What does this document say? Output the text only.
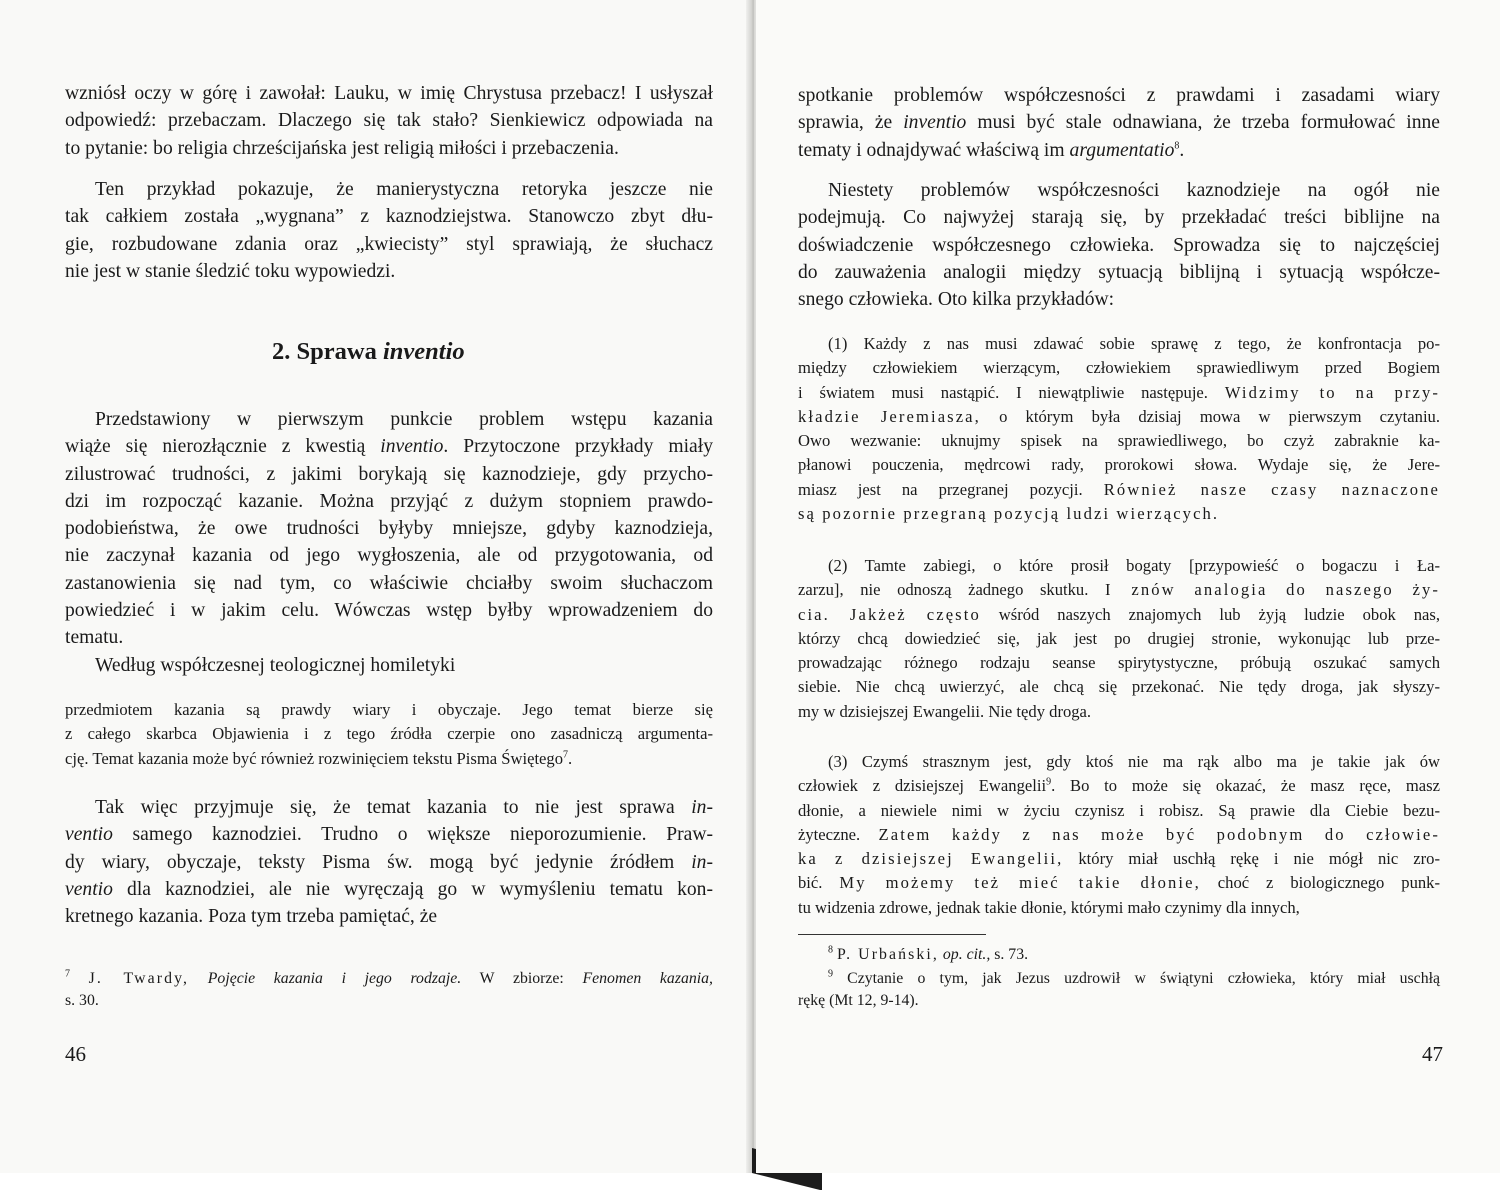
wzniósł oczy w górę i zawołał: Lauku, w imię Chrystusa przebacz! I usłyszał
odpowiedź: przebaczam. Dlaczego się tak stało? Sienkiewicz odpowiada na
to pytanie: bo religia chrześcijańska jest religią miłości i przebaczenia.

Ten przykład pokazuje, że manierystyczna retoryka jeszcze nie
tak całkiem została „wygnana” z kaznodziejstwa. Stanowczo zbyt dłu-
gie, rozbudowane zdania oraz „kwiecisty” styl sprawiają, że słuchacz
nie jest w stanie śledzić toku wypowiedzi.

2. Sprawa inventio

Przedstawiony w pierwszym punkcie problem wstępu kazania
wiąże się nierozłącznie z kwestią inventio. Przytoczone przykłady miały
zilustrować trudności, z jakimi borykają się kaznodzieje, gdy przycho-
dzi im rozpocząć kazanie. Można przyjąć z dużym stopniem prawdo-
podobieństwa, że owe trudności byłyby mniejsze, gdyby kaznodzieja,
nie zaczynał kazania od jego wygłoszenia, ale od przygotowania, od
zastanowienia się nad tym, co właściwie chciałby swoim słuchaczom
powiedzieć i w jakim celu. Wówczas wstęp byłby wprowadzeniem do
tematu.

Według współczesnej teologicznej homiletyki

przedmiotem kazania są prawdy wiary i obyczaje. Jego temat bierze się
z całego skarbca Objawienia i z tego źródła czerpie ono zasadniczą argumenta-
cję. Temat kazania może być również rozwinięciem tekstu Pisma Świętego$^7$.

Tak więc przyjmuje się, że temat kazania to nie jest sprawa in-
ventio samego kaznodziei. Trudno o większe nieporozumienie. Praw-
dy wiary, obyczaje, teksty Pisma św. mogą być jedynie źródłem in-
ventio dla kaznodziei, ale nie wyręczają go w wymyśleniu tematu kon-
kretnego kazania. Poza tym trzeba pamiętać, że

$^7$ J. Twardy, Pojęcie kazania i jego rodzaje. W zbiorze: Fenomen kazania,
s. 30.

46

spotkanie problemów współczesności z prawdami i zasadami wiary
sprawia, że inventio musi być stale odnawiana, że trzeba formułować inne
tematy i odnajdywać właściwą im argumentatio$^8$.

Niestety problemów współczesności kaznodzieje na ogół nie
podejmują. Co najwyżej starają się, by przekładać treści biblijne na
doświadczenie współczesnego człowieka. Sprowadza się to najczęściej
do zauważenia analogii między sytuacją biblijną i sytuacją współcze-
snego człowieka. Oto kilka przykładów:

(1) Każdy z nas musi zdawać sobie sprawę z tego, że konfrontacja po-
między człowiekiem wierzącym, człowiekiem sprawiedliwym przed Bogiem
i światem musi nastąpić. I niewątpliwie następuje. Widzimy to na przy-
kładzie Jeremiasza, o którym była dzisiaj mowa w pierwszym czytaniu.
Owo wezwanie: uknujmy spisek na sprawiedliwego, bo czyż zabraknie ka-
płanowi pouczenia, mędrcowi rady, prorokowi słowa. Wydaje się, że Jere-
miasz jest na przegranej pozycji. Również nasze czasy naznaczone
są pozornie przegraną pozycją ludzi wierzących.

(2) Tamte zabiegi, o które prosił bogaty [przypowieść o bogaczu i Ła-
zarzu], nie odnoszą żadnego skutku. I znów analogia do naszego ży-
cia. Jakżeż często wśród naszych znajomych lub żyją ludzie obok nas,
którzy chcą dowiedzieć się, jak jest po drugiej stronie, wykonując lub prze-
prowadzając różnego rodzaju seanse spirytystyczne, próbują oszukać samych
siebie. Nie chcą uwierzyć, ale chcą się przekonać. Nie tędy droga, jak słyszy-
my w dzisiejszej Ewangelii. Nie tędy droga.

(3) Czymś strasznym jest, gdy ktoś nie ma rąk albo ma je takie jak ów
człowiek z dzisiejszej Ewangelii$^9$. Bo to może się okazać, że masz ręce, masz
dłonie, a niewiele nimi w życiu czynisz i robisz. Są prawie dla Ciebie bezu-
żyteczne. Zatem każdy z nas może być podobnym do człowie-
ka z dzisiejszej Ewangelii, który miał uschłą rękę i nie mógł nic zro-
bić. My możemy też mieć takie dłonie, choć z biologicznego punk-
tu widzenia zdrowe, jednak takie dłonie, którymi mało czynimy dla innych,

$^8$ P. Urbański, op. cit., s. 73.

$^9$ Czytanie o tym, jak Jezus uzdrowił w świątyni człowieka, który miał uschłą
rękę (Mt 12, 9-14).

47
